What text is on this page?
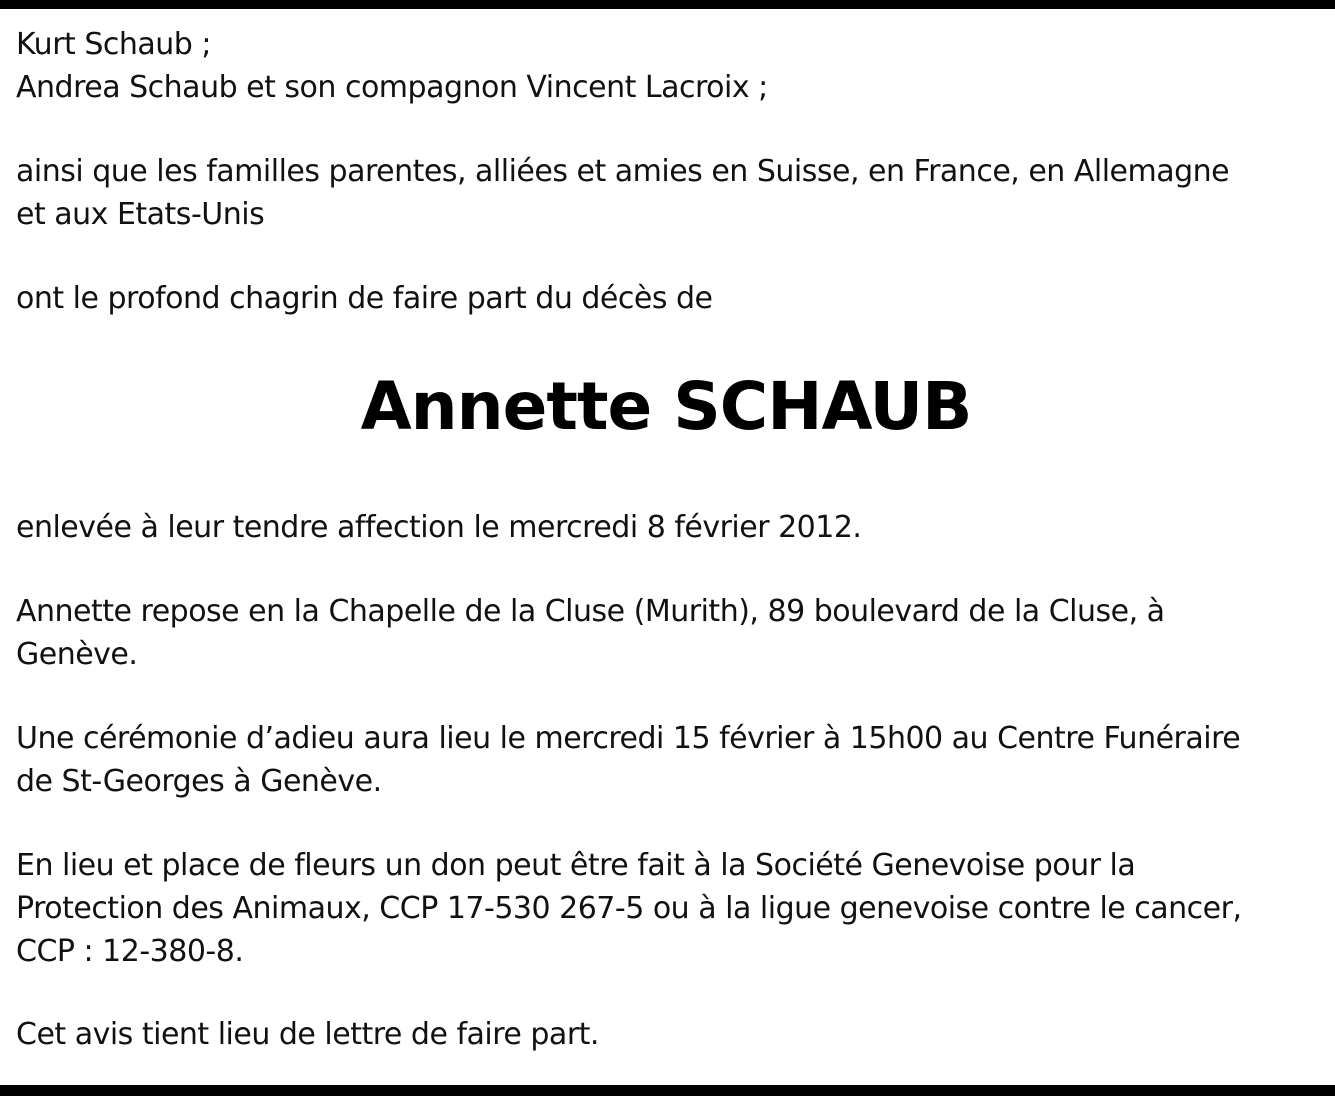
Kurt Schaub ;
Andrea Schaub et son compagnon Vincent Lacroix ;

ainsi que les familles parentes, alliées et amies en Suisse, en France, en Allemagne
et aux Etats-Unis

ont le profond chagrin de faire part du décès de

Annette SCHAUB

enlevée à leur tendre affection le mercredi 8 février 2012.

Annette repose en la Chapelle de la Cluse (Murith), 89 boulevard de la Cluse, à
Genève.

Une cérémonie d’adieu aura lieu le mercredi 15 février à 15h00 au Centre Funéraire
de St-Georges à Genève.

En lieu et place de fleurs un don peut être fait à la Société Genevoise pour la
Protection des Animaux, CCP 17-530 267-5 ou à la ligue genevoise contre le cancer,
CCP : 12-380-8.

Cet avis tient lieu de lettre de faire part.
